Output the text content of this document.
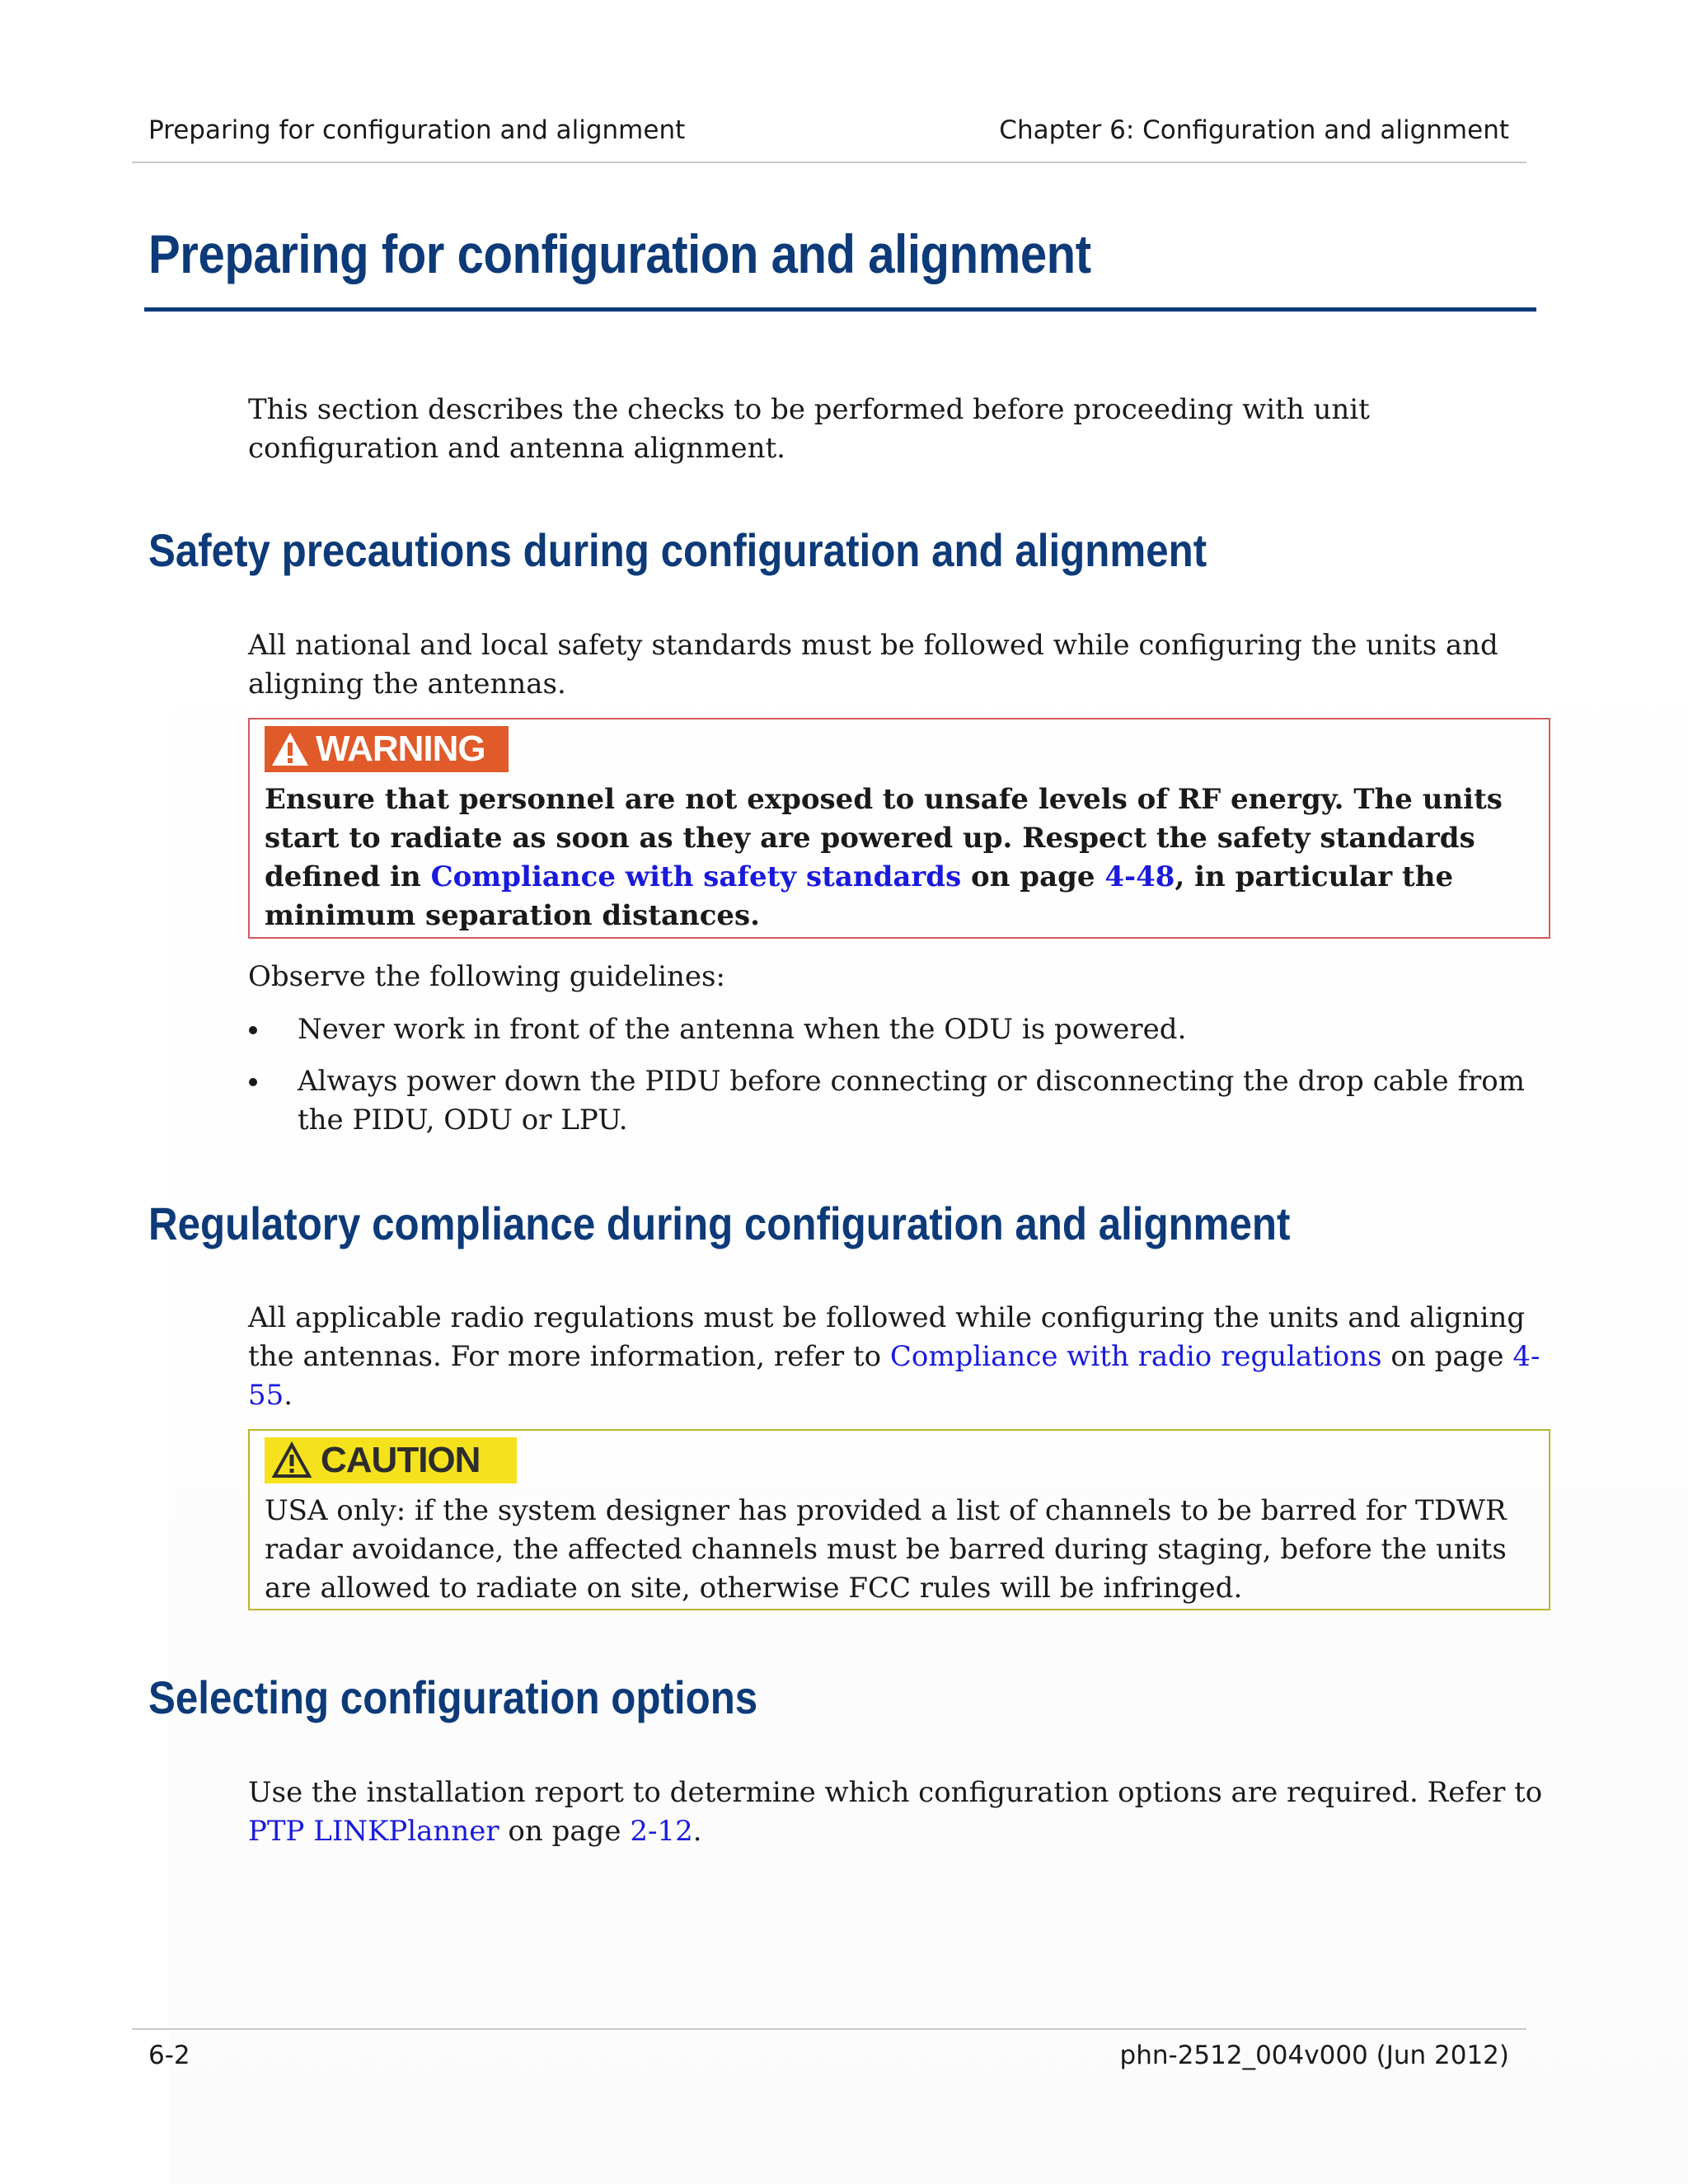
Preparing for configuration and alignment	Chapter 6: Configuration and alignment
Preparing for configuration and alignment
This section describes the checks to be performed before proceeding with unit
configuration and antenna alignment.
Safety precautions during configuration and alignment
All national and local safety standards must be followed while configuring the units and
aligning the antennas.
WARNING
Ensure that personnel are not exposed to unsafe levels of RF energy. The units
start to radiate as soon as they are powered up. Respect the safety standards
defined in Compliance with safety standards on page 4-48, in particular the
minimum separation distances.
Observe the following guidelines:
Never work in front of the antenna when the ODU is powered.
Always power down the PIDU before connecting or disconnecting the drop cable from
the PIDU, ODU or LPU.
Regulatory compliance during configuration and alignment
All applicable radio regulations must be followed while configuring the units and aligning
the antennas. For more information, refer to Compliance with radio regulations on page 4-
55.
CAUTION
USA only: if the system designer has provided a list of channels to be barred for TDWR
radar avoidance, the affected channels must be barred during staging, before the units
are allowed to radiate on site, otherwise FCC rules will be infringed.
Selecting configuration options
Use the installation report to determine which configuration options are required. Refer to
PTP LINKPlanner on page 2-12.
6-2	phn-2512_004v000 (Jun 2012)
